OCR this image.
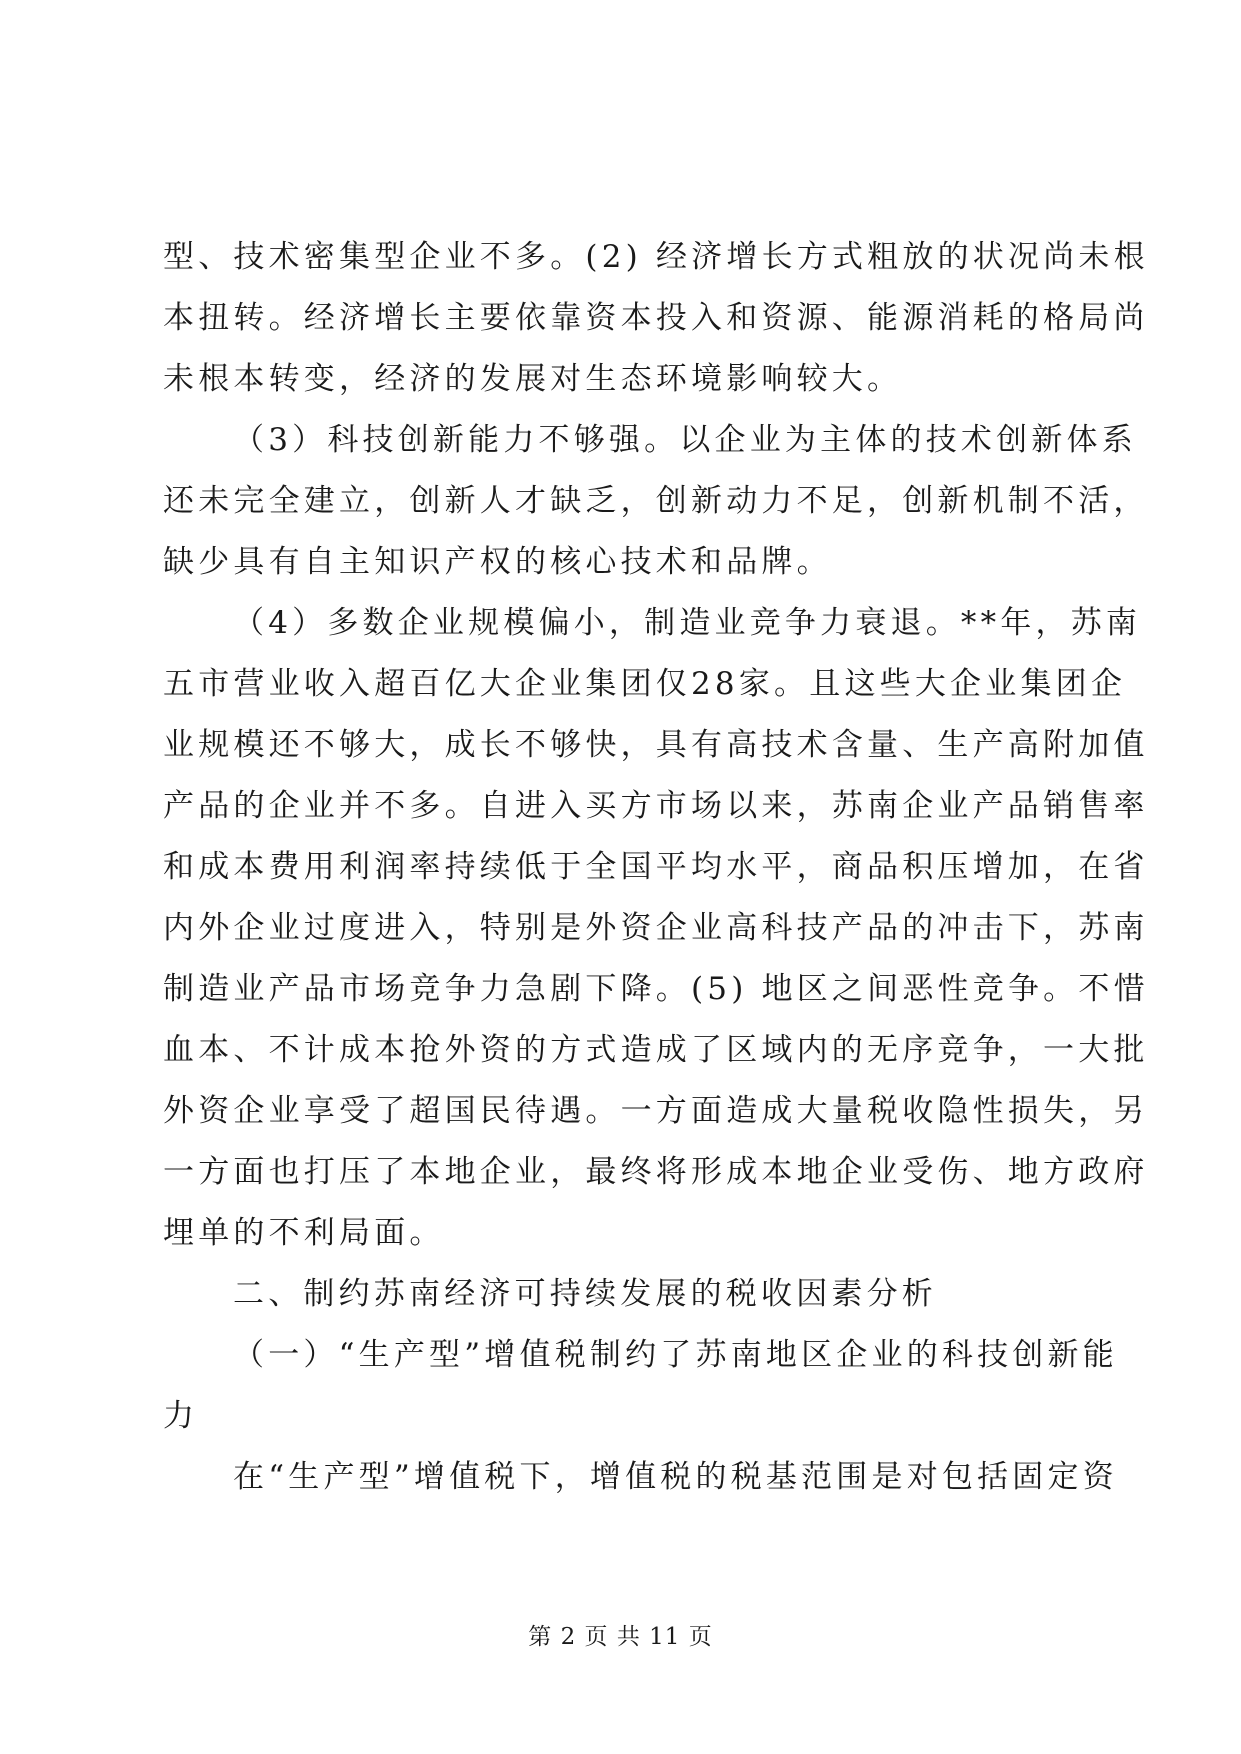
型、技术密集型企业不多。(2) 经济增长方式粗放的状况尚未根
本扭转。经济增长主要依靠资本投入和资源、能源消耗的格局尚
未根本转变，经济的发展对生态环境影响较大。
（3）科技创新能力不够强。以企业为主体的技术创新体系
还未完全建立，创新人才缺乏，创新动力不足，创新机制不活，
缺少具有自主知识产权的核心技术和品牌。
（4）多数企业规模偏小，制造业竞争力衰退。**年，苏南
五市营业收入超百亿大企业集团仅28家。且这些大企业集团企
业规模还不够大，成长不够快，具有高技术含量、生产高附加值
产品的企业并不多。自进入买方市场以来，苏南企业产品销售率
和成本费用利润率持续低于全国平均水平，商品积压增加，在省
内外企业过度进入，特别是外资企业高科技产品的冲击下，苏南
制造业产品市场竞争力急剧下降。(5) 地区之间恶性竞争。不惜
血本、不计成本抢外资的方式造成了区域内的无序竞争，一大批
外资企业享受了超国民待遇。一方面造成大量税收隐性损失，另
一方面也打压了本地企业，最终将形成本地企业受伤、地方政府
埋单的不利局面。
二、制约苏南经济可持续发展的税收因素分析
（一）“生产型”增值税制约了苏南地区企业的科技创新能
力
在“生产型”增值税下，增值税的税基范围是对包括固定资
第 2 页 共 11 页
